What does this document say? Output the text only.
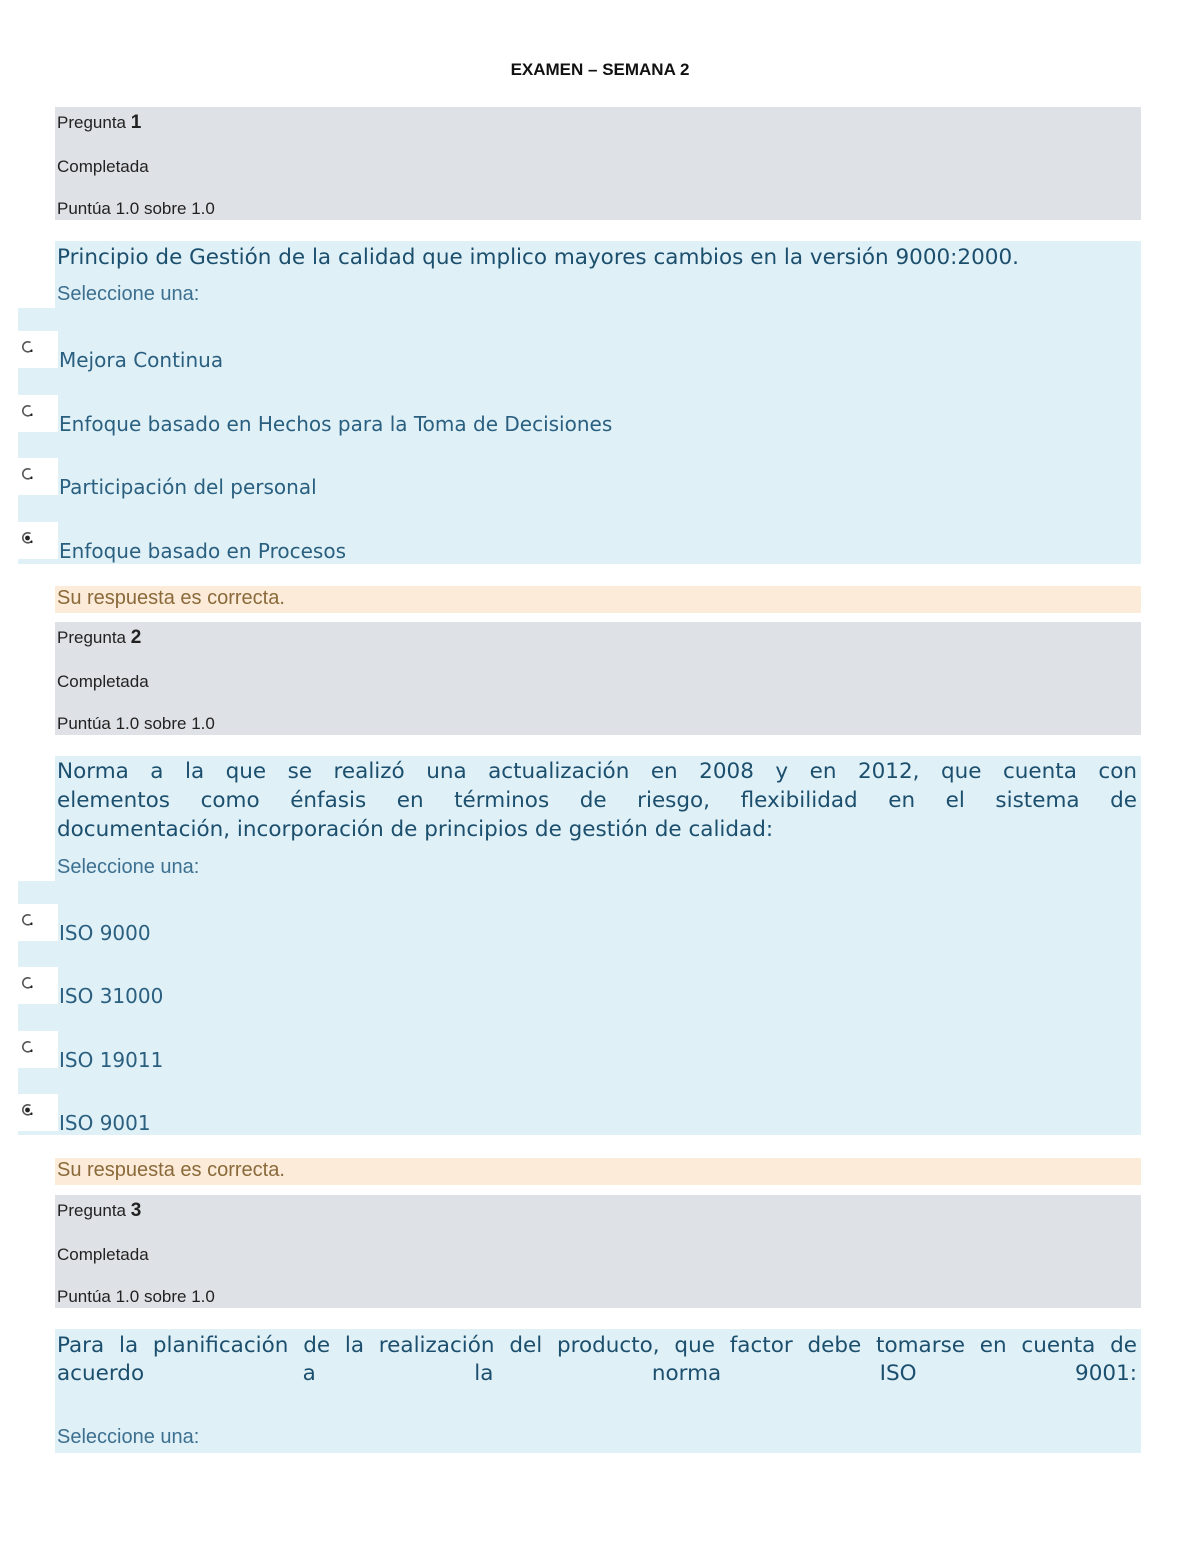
EXAMEN – SEMANA 2
Pregunta 1
Completada
Puntúa 1.0 sobre 1.0
Principio de Gestión de la calidad que implico mayores cambios en la versión 9000:2000.
Seleccione una:
Mejora Continua
Enfoque basado en Hechos para la Toma de Decisiones
Participación del personal
Enfoque basado en Procesos
Su respuesta es correcta.
Pregunta 2
Completada
Puntúa 1.0 sobre 1.0
Norma a la que se realizó una actualización en 2008 y en 2012, que cuenta con
elementos como énfasis en términos de riesgo, flexibilidad en el sistema de
documentación, incorporación de principios de gestión de calidad:
Seleccione una:
ISO 9000
ISO 31000
ISO 19011
ISO 9001
Su respuesta es correcta.
Pregunta 3
Completada
Puntúa 1.0 sobre 1.0
Para la planificación de la realización del producto, que factor debe tomarse en cuenta de
acuerdo a la norma ISO 9001:
Seleccione una:
